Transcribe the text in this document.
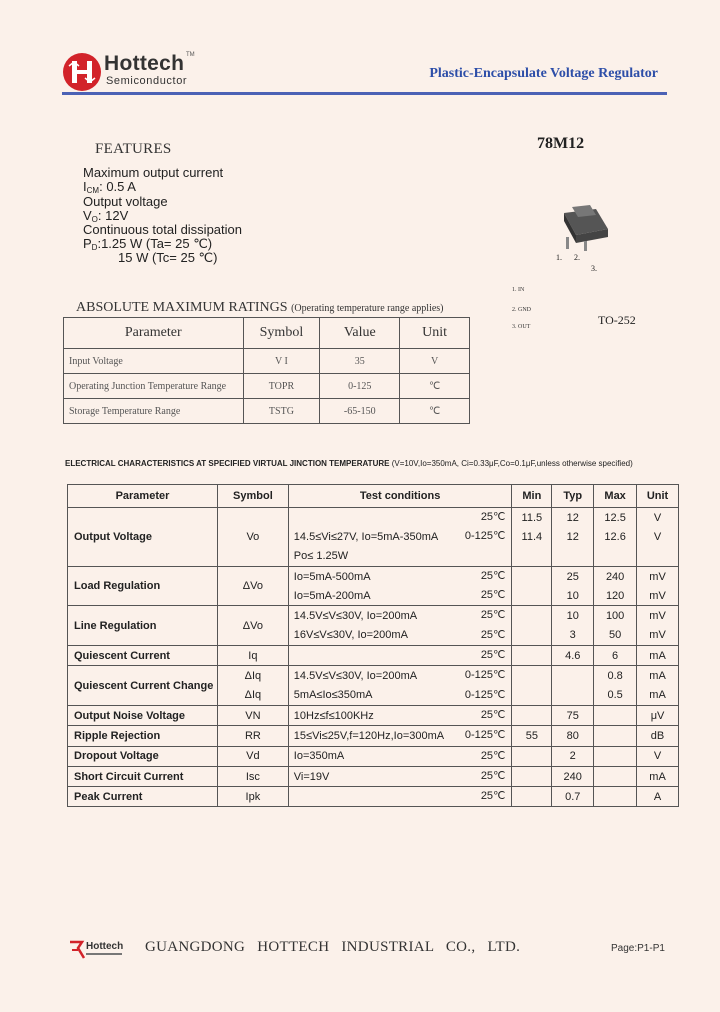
Hottech TM
Semiconductor	Plastic-Encapsulate Voltage Regulator
FEATURES	78M12
Maximum output current
$I_{CM}$: 0.5 A
Output voltage
$V_O$: 12V
Continuous total dissipation
$P_D:1.25$ W (Ta= 25 ℃)
15 W (Tc= 25 ℃)	1. 2.
3.
1. IN
2. GND
3. OUT	TO-252
ABSOLUTE MAXIMUM RATINGS (Operating temperature range applies)
Parameter	Symbol	Value	Unit
Input Voltage	V I	35	V
Operating Junction Temperature Range	TOPR	0-125	℃
Storage Temperature Range	TSTG	-65-150	℃
ELECTRICAL CHARACTERISTICS AT SPECIFIED VIRTUAL JINCTION TEMPERATURE (V=10V,Io=350mA, Ci=0.33μF,Co=0.1μF,unless otherwise specified)
Parameter	Symbol	Test conditions	Min	Typ	Max	Unit
Output Voltage	Vo	25℃	11.5	12	12.5	V
		14.5≤Vi≤27V, Io=5mA-350mA 0-125℃	11.4	12	12.6	V
		Po≤ 1.25W

Load Regulation	ΔVo	Io=5mA-500mA 25℃		25	240	mV
		Io=5mA-200mA 25℃		10	120	mV
Line Regulation	ΔVo	14.5V≤V≤30V, Io=200mA 25℃		10	100	mV
		16V≤V≤30V, Io=200mA 25℃		3	50	mV
Quiescent Current	Iq	25℃		4.6	6	mA
Quiescent Current Change	ΔIq	14.5V≤V≤30V, Io=200mA 0-125℃			0.8	mA
	ΔIq	5mA≤Io≤350mA 0-125℃			0.5	mA
Output Noise Voltage	VN	10Hz≤f≤100KHz 25℃		75		μV
Ripple Rejection	RR	15≤Vi≤25V,f=120Hz,Io=300mA 0-125℃	55	80		dB
Dropout Voltage	Vd	Io=350mA 25℃		2		V
Short Circuit Current	Isc	Vi=19V 25℃		240		mA
Peak Current	Ipk	25℃		0.7		A
Hottech GUANGDONG HOTTECH INDUSTRIAL CO., LTD.	Page:P1-P1
